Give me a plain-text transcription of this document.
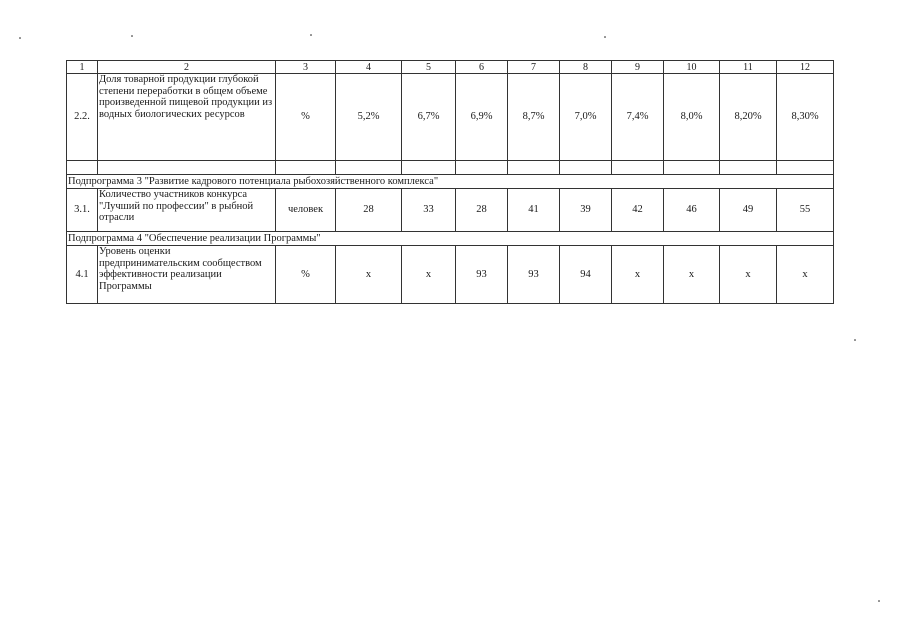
1	2	3	4	5	6	7	8	9	10	11	12
2.2.	Доля товарной продукции глубокой степени переработки в общем объеме произведенной пищевой продукции из водных биологических ресурсов	%	5,2%	6,7%	6,9%	8,7%	7,0%	7,4%	8,0%	8,20%	8,30%

Подпрограмма 3 "Развитие кадрового потенциала рыбохозяйственного комплекса"											
3.1.	Количество участников конкурса "Лучший по профессии" в рыбной отрасли	человек	28	33	28	41	39	42	46	49	55
Подпрограмма 4 "Обеспечение реализации Программы"											
4.1	Уровень оценки предпринимательским сообществом эффективности реализации Программы	%	x	x	93	93	94	x	x	x	x
